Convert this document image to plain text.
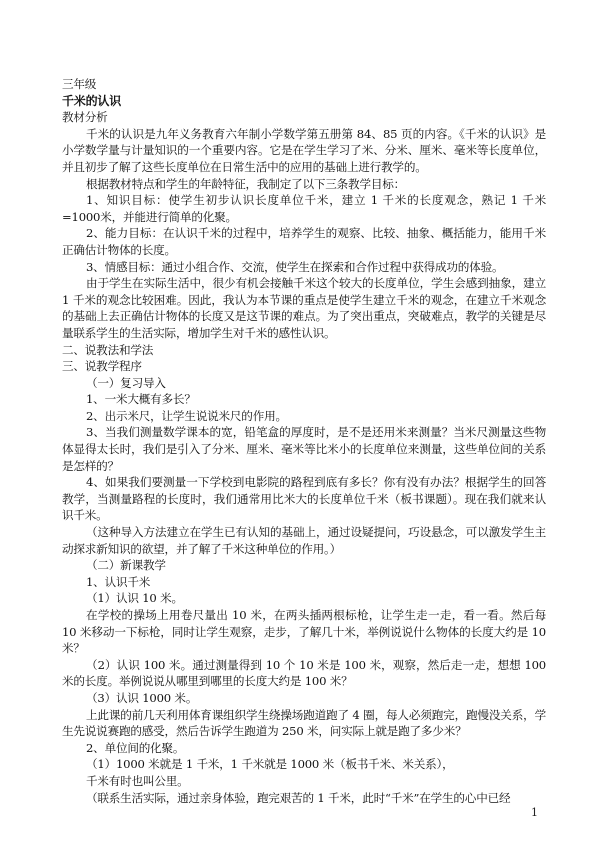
三年级

千米的认识

教材分析

千米的认识是九年义务教育六年制小学数学第五册第 84、85 页的内容。《千米的认识》是小学数学量与计量知识的一个重要内容。它是在学生学习了米、分米、厘米、毫米等长度单位，并且初步了解了这些长度单位在日常生活中的应用的基础上进行教学的。

根据教材特点和学生的年龄特征，我制定了以下三条教学目标：

1、知识目标：使学生初步认识长度单位千米，建立 1 千米的长度观念，熟记 1 千米=1000米，并能进行简单的化聚。

2、能力目标：在认识千米的过程中，培养学生的观察、比较、抽象、概括能力，能用千米正确估计物体的长度。

3、情感目标：通过小组合作、交流，使学生在探索和合作过程中获得成功的体验。

由于学生在实际生活中，很少有机会接触千米这个较大的长度单位，学生会感到抽象，建立 1 千米的观念比较困难。因此，我认为本节课的重点是使学生建立千米的观念，在建立千米观念的基础上去正确估计物体的长度又是这节课的难点。为了突出重点，突破难点，教学的关键是尽量联系学生的生活实际，增加学生对千米的感性认识。

二、说教法和学法

三、说教学程序

（一）复习导入

1、一米大概有多长？

2、出示米尺，让学生说说米尺的作用。

3、当我们测量数学课本的宽，铅笔盒的厚度时，是不是还用米来测量？当米尺测量这些物体显得太长时，我们是引入了分米、厘米、毫米等比米小的长度单位来测量，这些单位间的关系是怎样的？

4、如果我们要测量一下学校到电影院的路程到底有多长？你有没有办法？根据学生的回答教学，当测量路程的长度时，我们通常用比米大的长度单位千米（板书课题）。现在我们就来认识千米。

（这种导入方法建立在学生已有认知的基础上，通过设疑提问，巧设悬念，可以激发学生主动探求新知识的欲望，并了解了千米这种单位的作用。）

（二）新课教学

1、认识千米

（1）认识 10 米。

在学校的操场上用卷尺量出 10 米，在两头插两根标枪，让学生走一走，看一看。然后每 10 米移动一下标枪，同时让学生观察，走步，了解几十米，举例说说什么物体的长度大约是 10 米？

（2）认识 100 米。通过测量得到 10 个 10 米是 100 米，观察，然后走一走，想想 100 米的长度。举例说说从哪里到哪里的长度大约是 100 米？

（3）认识 1000 米。

上此课的前几天利用体育课组织学生绕操场跑道跑了 4 圈，每人必须跑完，跑慢没关系，学生先说说赛跑的感受，然后告诉学生跑道为 250 米，问实际上就是跑了多少米？

2、单位间的化聚。

（1）1000 米就是 1 千米，1 千米就是 1000 米（板书千米、米关系），

千米有时也叫公里。

（联系生活实际，通过亲身体验，跑完艰苦的 1 千米，此时“千米”在学生的心中已经

1
